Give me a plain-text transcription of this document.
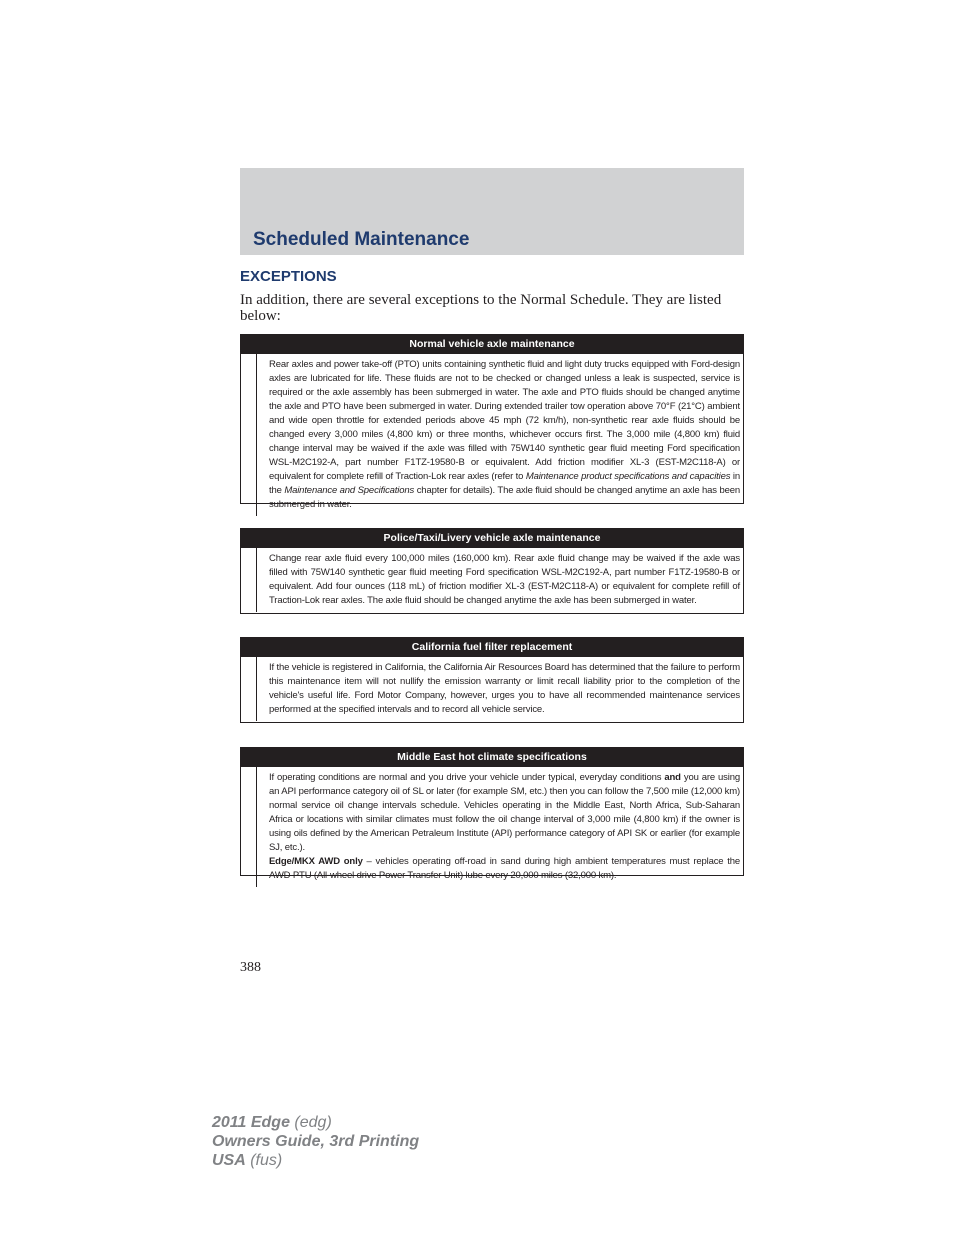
Scheduled Maintenance
EXCEPTIONS

In addition, there are several exceptions to the Normal Schedule. They are listed below:

Normal vehicle axle maintenance
Rear axles and power take-off (PTO) units containing synthetic fluid and light duty trucks equipped with Ford-design axles are lubricated for life. These fluids are not to be checked or changed unless a leak is suspected, service is required or the axle assembly has been submerged in water. The axle and PTO fluids should be changed anytime the axle and PTO have been submerged in water. During extended trailer tow operation above 70°F (21°C) ambient and wide open throttle for extended periods above 45 mph (72 km/h), non-synthetic rear axle fluids should be changed every 3,000 miles (4,800 km) or three months, whichever occurs first. The 3,000 mile (4,800 km) fluid change interval may be waived if the axle was filled with 75W140 synthetic gear fluid meeting Ford specification WSL-M2C192-A, part number F1TZ-19580-B or equivalent. Add friction modifier XL-3 (EST-M2C118-A) or equivalent for complete refill of Traction-Lok rear axles (refer to Maintenance product specifications and capacities in the Maintenance and Specifications chapter for details). The axle fluid should be changed anytime an axle has been submerged in water.
Police/Taxi/Livery vehicle axle maintenance
Change rear axle fluid every 100,000 miles (160,000 km). Rear axle fluid change may be waived if the axle was filled with 75W140 synthetic gear fluid meeting Ford specification WSL-M2C192-A, part number F1TZ-19580-B or equivalent. Add four ounces (118 mL) of friction modifier XL-3 (EST-M2C118-A) or equivalent for complete refill of Traction-Lok rear axles. The axle fluid should be changed anytime the axle has been submerged in water.
California fuel filter replacement
If the vehicle is registered in California, the California Air Resources Board has determined that the failure to perform this maintenance item will not nullify the emission warranty or limit recall liability prior to the completion of the vehicle's useful life. Ford Motor Company, however, urges you to have all recommended maintenance services performed at the specified intervals and to record all vehicle service.
Middle East hot climate specifications
If operating conditions are normal and you drive your vehicle under typical, everyday conditions and you are using an API performance category oil of SL or later (for example SM, etc.) then you can follow the 7,500 mile (12,000 km) normal service oil change intervals schedule. Vehicles operating in the Middle East, North Africa, Sub-Saharan Africa or locations with similar climates must follow the oil change interval of 3,000 mile (4,800 km) if the owner is using oils defined by the American Petraleum Institute (API) performance category of API SK or earlier (for example SJ, etc.).
Edge/MKX AWD only – vehicles operating off-road in sand during high ambient temperatures must replace the AWD PTU (All-wheel drive Power Transfer Unit) lube every 20,000 miles (32,000 km).

388

2011 Edge (edg)
Owners Guide, 3rd Printing
USA (fus)
